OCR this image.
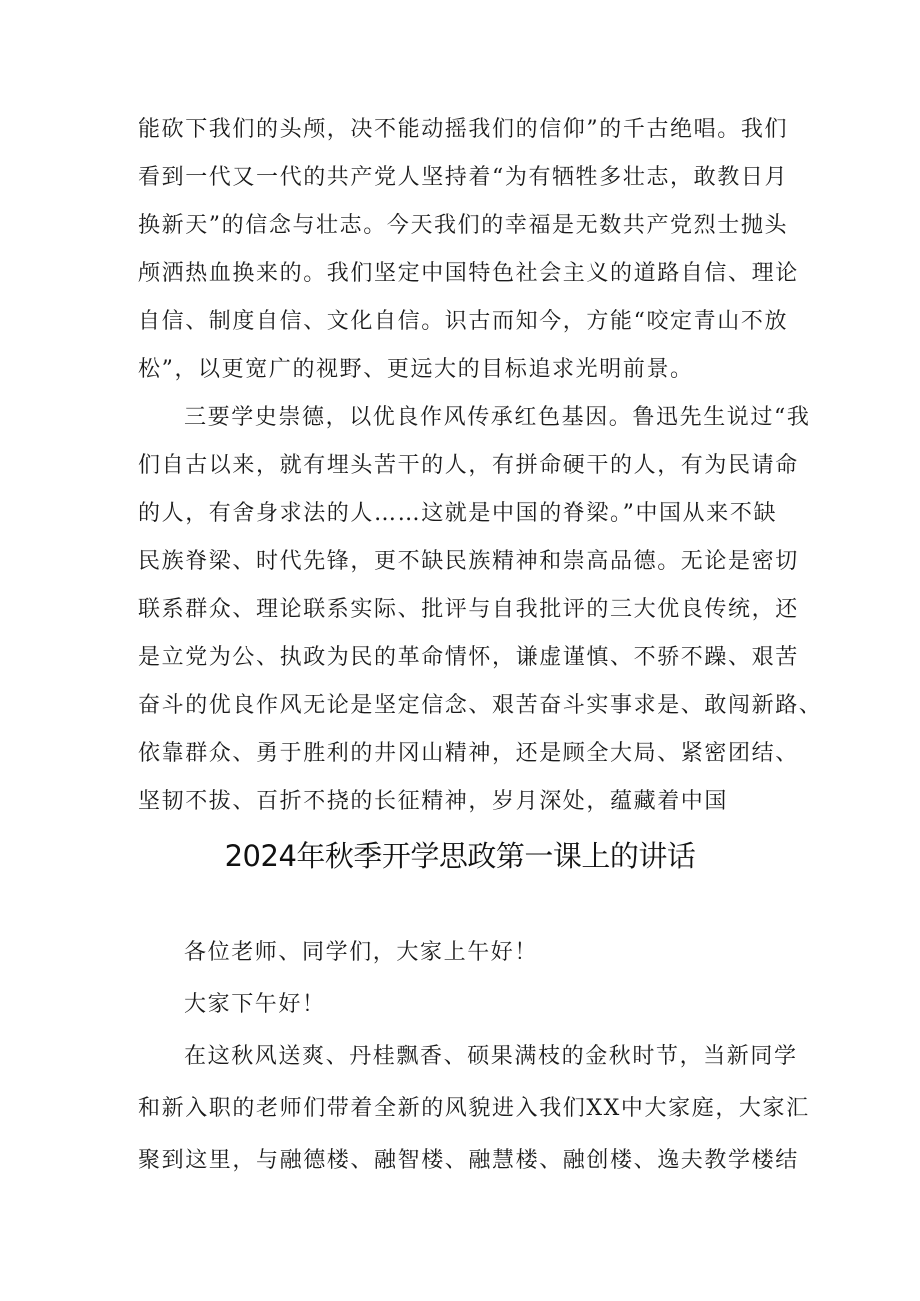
能砍下我们的头颅，决不能动摇我们的信仰”的千古绝唱。我们
看到一代又一代的共产党人坚持着“为有牺牲多壮志，敢教日月
换新天”的信念与壮志。今天我们的幸福是无数共产党烈士抛头
颅洒热血换来的。我们坚定中国特色社会主义的道路自信、理论
自信、制度自信、文化自信。识古而知今，方能“咬定青山不放
松”，以更宽广的视野、更远大的目标追求光明前景。
三要学史崇德，以优良作风传承红色基因。鲁迅先生说过“我
们自古以来，就有埋头苦干的人，有拼命硬干的人，有为民请命
的人，有舍身求法的人……这就是中国的脊梁。”中国从来不缺
民族脊梁、时代先锋，更不缺民族精神和崇高品德。无论是密切
联系群众、理论联系实际、批评与自我批评的三大优良传统，还
是立党为公、执政为民的革命情怀，谦虚谨慎、不骄不躁、艰苦
奋斗的优良作风无论是坚定信念、艰苦奋斗实事求是、敢闯新路、
依靠群众、勇于胜利的井冈山精神，还是顾全大局、紧密团结、
坚韧不拔、百折不挠的长征精神，岁月深处，蕴藏着中国
2024年秋季开学思政第一课上的讲话
各位老师、同学们，大家上午好！
大家下午好！
在这秋风送爽、丹桂飘香、硕果满枝的金秋时节，当新同学
和新入职的老师们带着全新的风貌进入我们XX中大家庭，大家汇
聚到这里，与融德楼、融智楼、融慧楼、融创楼、逸夫教学楼结
